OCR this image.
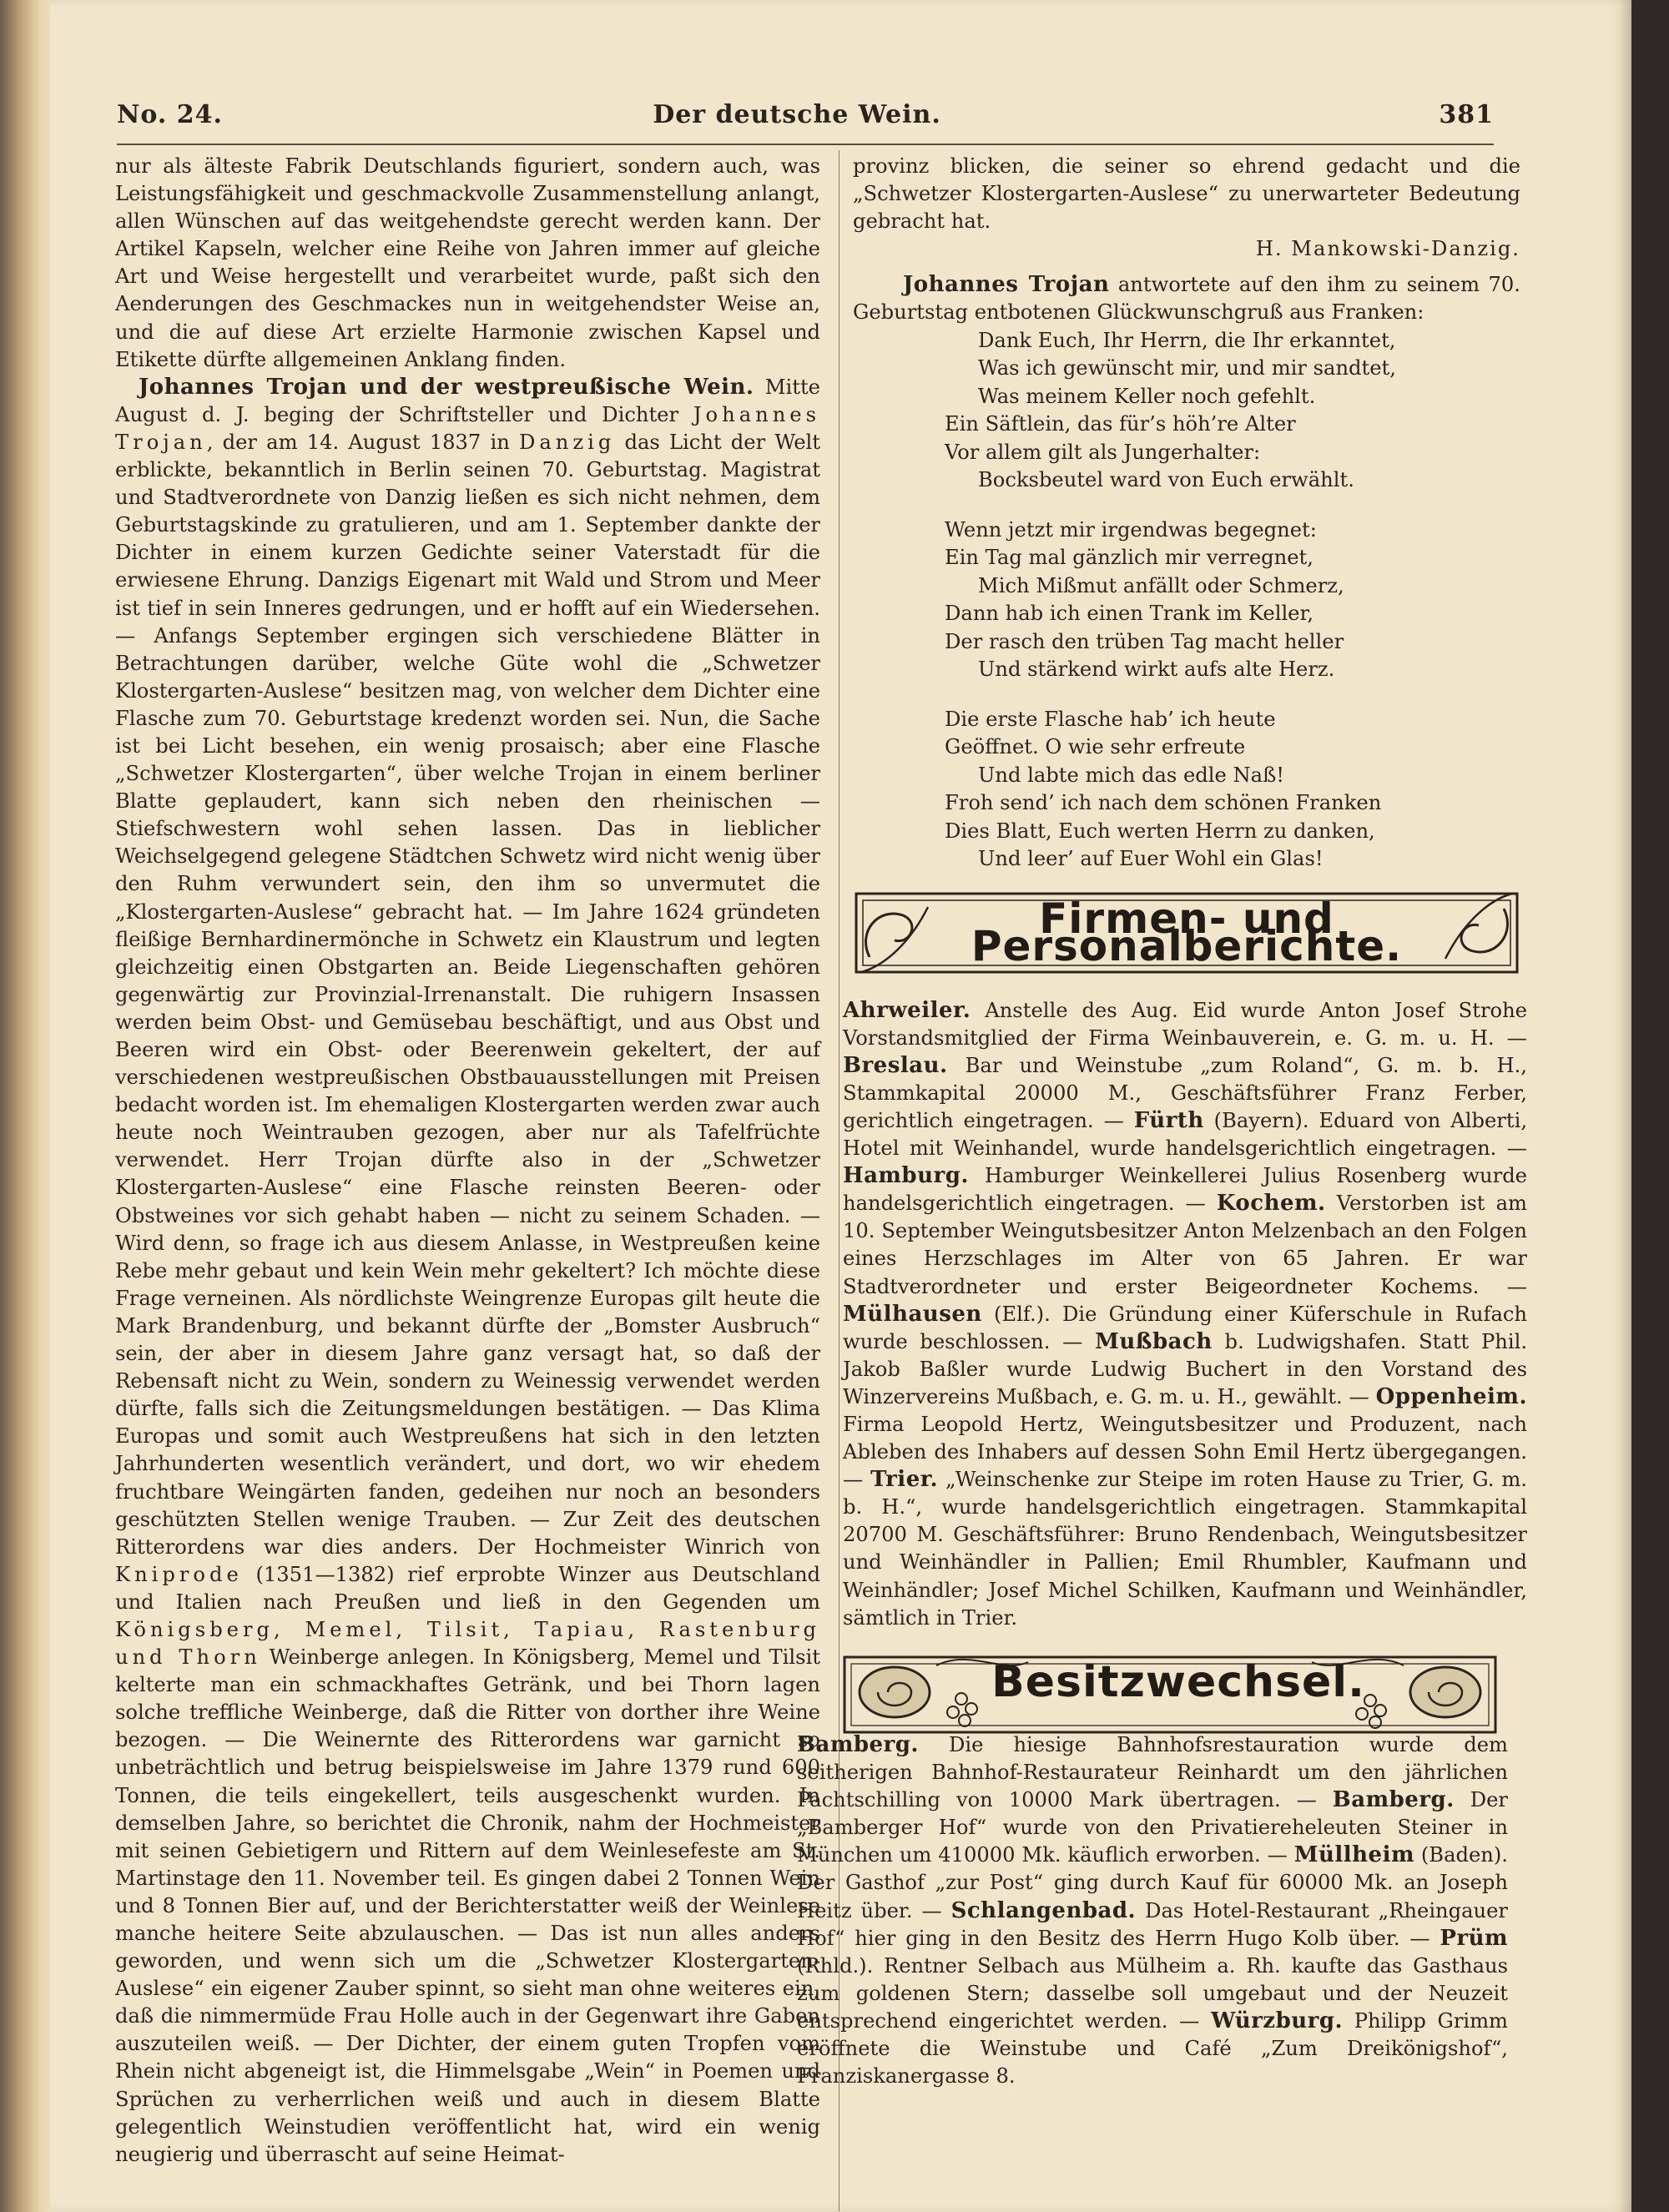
No. 24.	Der deutsche Wein.	381

nur als älteste Fabrik Deutschlands figuriert, sondern auch, was Leistungsfähigkeit und geschmackvolle Zusammenstellung anlangt, allen Wünschen auf das weitgehendste gerecht werden kann. Der Artikel Kapseln, welcher eine Reihe von Jahren immer auf gleiche Art und Weise hergestellt und verarbeitet wurde, paßt sich den Aenderungen des Geschmackes nun in weitgehendster Weise an, und die auf diese Art erzielte Harmonie zwischen Kapsel und Etikette dürfte allgemeinen Anklang finden.

Johannes Trojan und der westpreußische Wein. Mitte August d. J. beging der Schriftsteller und Dichter Johannes Trojan, der am 14. August 1837 in Danzig das Licht der Welt erblickte, bekanntlich in Berlin seinen 70. Geburtstag. Magistrat und Stadtverordnete von Danzig ließen es sich nicht nehmen, dem Geburtstagskinde zu gratulieren, und am 1. September dankte der Dichter in einem kurzen Gedichte seiner Vaterstadt für die erwiesene Ehrung. Danzigs Eigenart mit Wald und Strom und Meer ist tief in sein Inneres gedrungen, und er hofft auf ein Wiedersehen. — Anfangs September ergingen sich verschiedene Blätter in Betrachtungen darüber, welche Güte wohl die „Schwetzer Klostergarten-Auslese“ besitzen mag, von welcher dem Dichter eine Flasche zum 70. Geburtstage kredenzt worden sei. Nun, die Sache ist bei Licht besehen, ein wenig prosaisch; aber eine Flasche „Schwetzer Klostergarten“, über welche Trojan in einem berliner Blatte geplaudert, kann sich neben den rheinischen — Stiefschwestern wohl sehen lassen. Das in lieblicher Weichselgegend gelegene Städtchen Schwetz wird nicht wenig über den Ruhm verwundert sein, den ihm so unvermutet die „Klostergarten-Auslese“ gebracht hat. — Im Jahre 1624 gründeten fleißige Bernhardinermönche in Schwetz ein Klaustrum und legten gleichzeitig einen Obstgarten an. Beide Liegenschaften gehören gegenwärtig zur Provinzial-Irrenanstalt. Die ruhigern Insassen werden beim Obst- und Gemüsebau beschäftigt, und aus Obst und Beeren wird ein Obst- oder Beerenwein gekeltert, der auf verschiedenen westpreußischen Obstbauausstellungen mit Preisen bedacht worden ist. Im ehemaligen Klostergarten werden zwar auch heute noch Weintrauben gezogen, aber nur als Tafelfrüchte verwendet. Herr Trojan dürfte also in der „Schwetzer Klostergarten-Auslese“ eine Flasche reinsten Beeren- oder Obstweines vor sich gehabt haben — nicht zu seinem Schaden. — Wird denn, so frage ich aus diesem Anlasse, in Westpreußen keine Rebe mehr gebaut und kein Wein mehr gekeltert? Ich möchte diese Frage verneinen. Als nördlichste Weingrenze Europas gilt heute die Mark Brandenburg, und bekannt dürfte der „Bomster Ausbruch“ sein, der aber in diesem Jahre ganz versagt hat, so daß der Rebensaft nicht zu Wein, sondern zu Weinessig verwendet werden dürfte, falls sich die Zeitungsmeldungen bestätigen. — Das Klima Europas und somit auch Westpreußens hat sich in den letzten Jahrhunderten wesentlich verändert, und dort, wo wir ehedem fruchtbare Weingärten fanden, gedeihen nur noch an besonders geschützten Stellen wenige Trauben. — Zur Zeit des deutschen Ritterordens war dies anders. Der Hochmeister Winrich von Kniprode (1351—1382) rief erprobte Winzer aus Deutschland und Italien nach Preußen und ließ in den Gegenden um Königsberg, Memel, Tilsit, Tapiau, Rastenburg und Thorn Weinberge anlegen. In Königsberg, Memel und Tilsit kelterte man ein schmackhaftes Getränk, und bei Thorn lagen solche treffliche Weinberge, daß die Ritter von dorther ihre Weine bezogen. — Die Weinernte des Ritterordens war garnicht so unbeträchtlich und betrug beispielsweise im Jahre 1379 rund 600 Tonnen, die teils eingekellert, teils ausgeschenkt wurden. In demselben Jahre, so berichtet die Chronik, nahm der Hochmeister mit seinen Gebietigern und Rittern auf dem Weinlesefeste am St. Martinstage den 11. November teil. Es gingen dabei 2 Tonnen Wein und 8 Tonnen Bier auf, und der Berichterstatter weiß der Weinlese manche heitere Seite abzulauschen. — Das ist nun alles anders geworden, und wenn sich um die „Schwetzer Klostergarten-Auslese“ ein eigener Zauber spinnt, so sieht man ohne weiteres ein, daß die nimmermüde Frau Holle auch in der Gegenwart ihre Gaben auszuteilen weiß. — Der Dichter, der einem guten Tropfen vom Rhein nicht abgeneigt ist, die Himmelsgabe „Wein“ in Poemen und Sprüchen zu verherrlichen weiß und auch in diesem Blatte gelegentlich Weinstudien veröffentlicht hat, wird ein wenig neugierig und überrascht auf seine Heimat-

provinz blicken, die seiner so ehrend gedacht und die „Schwetzer Klostergarten-Auslese“ zu unerwarteter Bedeutung gebracht hat.

H. Mankowski-Danzig.

Johannes Trojan antwortete auf den ihm zu seinem 70. Geburtstag entbotenen Glückwunschgruß aus Franken:

Dank Euch, Ihr Herrn, die Ihr erkanntet,
Was ich gewünscht mir, und mir sandtet,
Was meinem Keller noch gefehlt.
Ein Säftlein, das für’s höh’re Alter
Vor allem gilt als Jungerhalter:
Bocksbeutel ward von Euch erwählt.
Wenn jetzt mir irgendwas begegnet:
Ein Tag mal gänzlich mir verregnet,
Mich Mißmut anfällt oder Schmerz,
Dann hab ich einen Trank im Keller,
Der rasch den trüben Tag macht heller
Und stärkend wirkt aufs alte Herz.
Die erste Flasche hab’ ich heute
Geöffnet. O wie sehr erfreute
Und labte mich das edle Naß!
Froh send’ ich nach dem schönen Franken
Dies Blatt, Euch werten Herrn zu danken,
Und leer’ auf Euer Wohl ein Glas!
Firmen- und Personalberichte.
Ahrweiler. Anstelle des Aug. Eid wurde Anton Josef Strohe Vorstandsmitglied der Firma Weinbauverein, e. G. m. u. H. — Breslau. Bar und Weinstube „zum Roland“, G. m. b. H., Stammkapital 20000 M., Geschäftsführer Franz Ferber, gerichtlich eingetragen. — Fürth (Bayern). Eduard von Alberti, Hotel mit Weinhandel, wurde handelsgerichtlich eingetragen. — Hamburg. Hamburger Weinkellerei Julius Rosenberg wurde handelsgerichtlich eingetragen. — Kochem. Verstorben ist am 10. September Weingutsbesitzer Anton Melzenbach an den Folgen eines Herzschlages im Alter von 65 Jahren. Er war Stadtverordneter und erster Beigeordneter Kochems. — Mülhausen (Elf.). Die Gründung einer Küferschule in Rufach wurde beschlossen. — Mußbach b. Ludwigshafen. Statt Phil. Jakob Baßler wurde Ludwig Buchert in den Vorstand des Winzervereins Mußbach, e. G. m. u. H., gewählt. — Oppenheim. Firma Leopold Hertz, Weingutsbesitzer und Produzent, nach Ableben des Inhabers auf dessen Sohn Emil Hertz übergegangen. — Trier. „Weinschenke zur Steipe im roten Hause zu Trier, G. m. b. H.“, wurde handelsgerichtlich eingetragen. Stammkapital 20700 M. Geschäftsführer: Bruno Rendenbach, Weingutsbesitzer und Weinhändler in Pallien; Emil Rhumbler, Kaufmann und Weinhändler; Josef Michel Schilken, Kaufmann und Weinhändler, sämtlich in Trier.
Besitzwechsel.
Bamberg. Die hiesige Bahnhofsrestauration wurde dem seitherigen Bahnhof-Restaurateur Reinhardt um den jährlichen Pachtschilling von 10000 Mark übertragen. — Bamberg. Der „Bamberger Hof“ wurde von den Privatiereheleuten Steiner in München um 410000 Mk. käuflich erworben. — Müllheim (Baden). Der Gasthof „zur Post“ ging durch Kauf für 60000 Mk. an Joseph Heitz über. — Schlangenbad. Das Hotel-Restaurant „Rheingauer Hof“ hier ging in den Besitz des Herrn Hugo Kolb über. — Prüm (Rhld.). Rentner Selbach aus Mülheim a. Rh. kaufte das Gasthaus zum goldenen Stern; dasselbe soll umgebaut und der Neuzeit entsprechend eingerichtet werden. — Würzburg. Philipp Grimm eröffnete die Weinstube und Café „Zum Dreikönigshof“, Franziskanergasse 8.
